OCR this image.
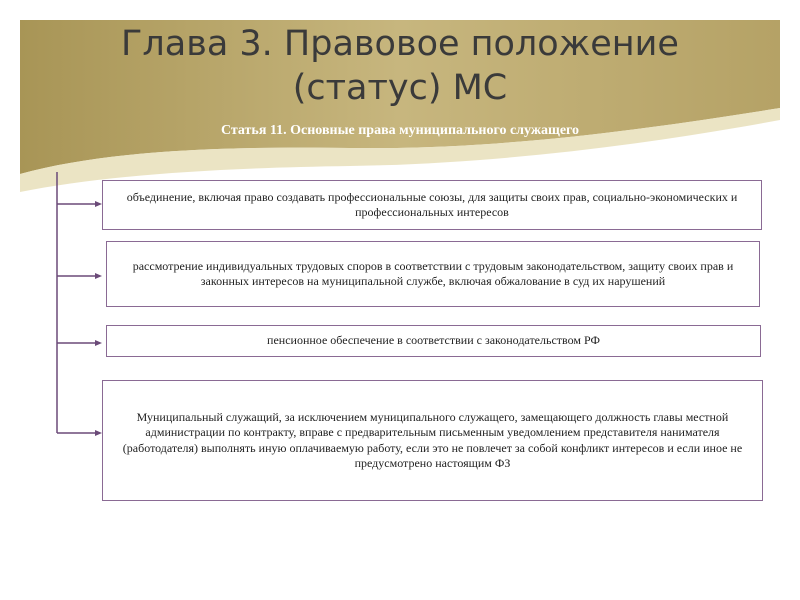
Глава 3. Правовое положение
(статус) МС
Статья 11. Основные права муниципального служащего
объединение, включая право создавать профессиональные союзы, для защиты своих прав, социально-экономических и профессиональных интересов
рассмотрение индивидуальных трудовых споров в соответствии с трудовым законодательством, защиту своих прав и законных интересов на муниципальной службе, включая обжалование в суд их нарушений
пенсионное обеспечение в соответствии с законодательством РФ
Муниципальный служащий, за исключением муниципального служащего, замещающего должность главы местной администрации по контракту, вправе с предварительным письменным уведомлением представителя нанимателя (работодателя) выполнять иную оплачиваемую работу, если это не повлечет за собой конфликт интересов и если иное не предусмотрено настоящим ФЗ
